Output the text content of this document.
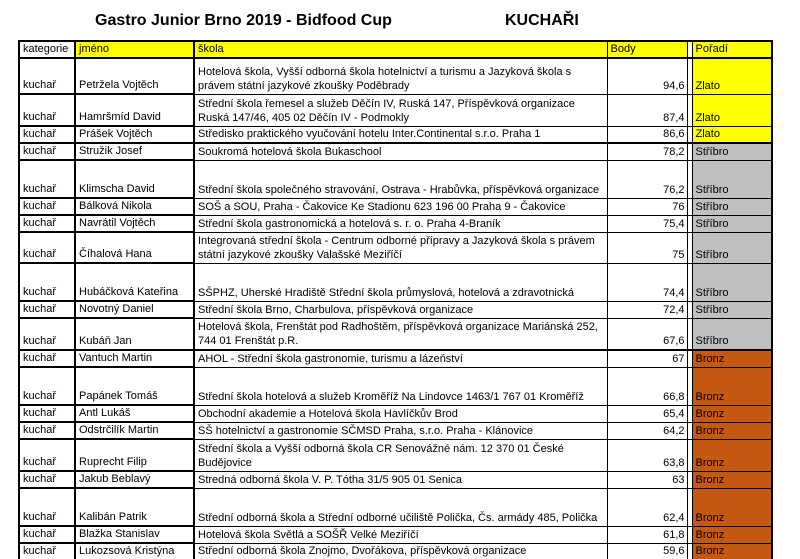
Gastro Junior Brno 2019 - Bidfood Cup	KUCHAŘI
kategorie	jméno	škola	Body		Pořadí
kuchař	Petržela Vojtěch	Hotelová škola, Vyšší odborná škola hotelnictví a turismu a Jazyková škola s právem státní jazykové zkoušky Poděbrady	94,6		Zlato
kuchař	Hamršmíd David	Střední škola řemesel a služeb Děčín IV, Ruská 147, Příspěvková organizace Ruská 147/46, 405 02 Děčín IV - Podmokly	87,4		Zlato
kuchař	Prášek Vojtěch	Středisko praktického vyučování hotelu Inter.Continental s.r.o. Praha 1	86,6		Zlato
kuchař	Stružik Josef	Soukromá hotelová škola Bukaschool	78,2		Stříbro
kuchař	Klimscha David	Střední škola společného stravování, Ostrava - Hrabůvka, příspěvková organizace	76,2		Stříbro
kuchař	Bálková Nikola	SOŠ a SOU, Praha - Čakovice Ke Stadionu 623 196 00 Praha 9 - Čakovice	76		Stříbro
kuchař	Navrátil Vojtěch	Střední škola gastronomická a hotelová s. r. o. Praha 4-Braník	75,4		Stříbro
kuchař	Číhalová Hana	Integrovaná střední škola - Centrum odborné přípravy a Jazyková škola s právem státní jazykové zkoušky Valašské Meziříčí	75		Stříbro
kuchař	Hubáčková Kateřina	SŠPHZ, Uherské Hradiště Střední škola průmyslová, hotelová a zdravotnická	74,4		Stříbro
kuchař	Novotný Daniel	Střední škola Brno, Charbulova, příspěvková organizace	72,4		Stříbro
kuchař	Kubáň Jan	Hotelová škola, Frenštát pod Radhoštěm, příspěvková organizace Mariánská 252, 744 01 Frenštát p.R.	67,6		Stříbro
kuchař	Vantuch Martin	AHOL - Střední škola gastronomie, turismu a lázeňství	67		Bronz
kuchař	Papánek Tomáš	Střední škola hotelová a služeb Kroměříž Na Lindovce 1463/1 767 01 Kroměříž	66,8		Bronz
kuchař	Antl Lukáš	Obchodní akademie a Hotelová škola Havlíčkův Brod	65,4		Bronz
kuchař	Odstrčilík Martin	SŠ hotelnictví a gastronomie SČMSD Praha, s.r.o. Praha - Klánovice	64,2		Bronz
kuchař	Ruprecht Filip	Střední škola a Vyšší odborná škola CR Senovážné nám. 12 370 01 České Budějovice	63,8		Bronz
kuchař	Jakub Beblavý	Stredná odborná škola V. P. Tótha 31/5 905 01 Senica	63		Bronz
kuchař	Kalibán Patrik	Střední odborná škola a Střední odborné učiliště Polička, Čs. armády 485, Polička	62,4		Bronz
kuchař	Blažka Stanislav	Hotelová škola Světlá a SOŠŘ Velké Meziříčí	61,8		Bronz
kuchař	Lukozsová Kristýna	Střední odborná škola Znojmo, Dvořákova, příspěvková organizace	59,6		Bronz
